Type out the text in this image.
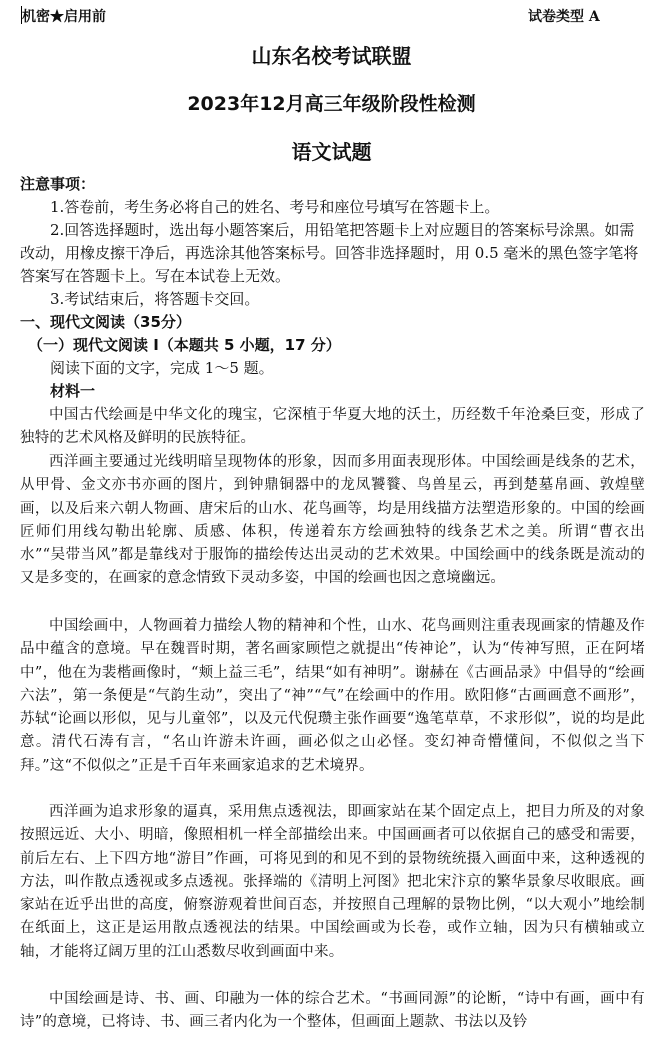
机密★启用前	试卷类型 A
山东名校考试联盟
2023年12月高三年级阶段性检测
语文试题
注意事项：

1.答卷前，考生务必将自己的姓名、考号和座位号填写在答题卡上。

2.回答选择题时，选出每小题答案后，用铅笔把答题卡上对应题目的答案标号涂黑。如需改动，用橡皮擦干净后，再选涂其他答案标号。回答非选择题时，用 0.5 毫米的黑色签字笔将答案写在答题卡上。写在本试卷上无效。

3.考试结束后，将答题卡交回。

一、现代文阅读（35分）
（一）现代文阅读 I（本题共 5 小题，17 分）
阅读下面的文字，完成 1～5 题。
材料一

中国古代绘画是中华文化的瑰宝，它深植于华夏大地的沃土，历经数千年沧桑巨变，形成了独特的艺术风格及鲜明的民族特征。

西洋画主要通过光线明暗呈现物体的形象，因而多用面表现形体。中国绘画是线条的艺术，从甲骨、金文亦书亦画的图片，到钟鼎铜器中的龙凤饕餮、鸟兽星云，再到楚墓帛画、敦煌壁画，以及后来六朝人物画、唐宋后的山水、花鸟画等，均是用线描方法塑造形象的。中国的绘画匠师们用线勾勒出轮廓、质感、体积，传递着东方绘画独特的线条艺术之美。所谓“曹衣出水”“吴带当风”都是靠线对于服饰的描绘传达出灵动的艺术效果。中国绘画中的线条既是流动的又是多变的，在画家的意念情致下灵动多姿，中国的绘画也因之意境幽远。

中国绘画中，人物画着力描绘人物的精神和个性，山水、花鸟画则注重表现画家的情趣及作品中蕴含的意境。早在魏晋时期，著名画家顾恺之就提出“传神论”，认为“传神写照，正在阿堵中”，他在为裴楷画像时，“颊上益三毛”，结果“如有神明”。谢赫在《古画品录》中倡导的“绘画六法”，第一条便是“气韵生动”，突出了“神”“气”在绘画中的作用。欧阳修“古画画意不画形”，苏轼“论画以形似，见与儿童邻”，以及元代倪瓒主张作画要“逸笔草草，不求形似”，说的均是此意。清代石涛有言，“名山许游未许画，画必似之山必怪。变幻神奇懵懂间，不似似之当下拜。”这“不似似之”正是千百年来画家追求的艺术境界。

西洋画为追求形象的逼真，采用焦点透视法，即画家站在某个固定点上，把目力所及的对象按照远近、大小、明暗，像照相机一样全部描绘出来。中国画画者可以依据自己的感受和需要，前后左右、上下四方地“游目”作画，可将见到的和见不到的景物统统摄入画面中来，这种透视的方法，叫作散点透视或多点透视。张择端的《清明上河图》把北宋汴京的繁华景象尽收眼底。画家站在近乎出世的高度，俯察游观着世间百态，并按照自己理解的景物比例，“以大观小”地绘制在纸面上，这正是运用散点透视法的结果。中国绘画或为长卷，或作立轴，因为只有横轴或立轴，才能将辽阔万里的江山悉数尽收到画面中来。

中国绘画是诗、书、画、印融为一体的综合艺术。“书画同源”的论断，“诗中有画，画中有诗”的意境，已将诗、书、画三者内化为一个整体，但画面上题款、书法以及钤
